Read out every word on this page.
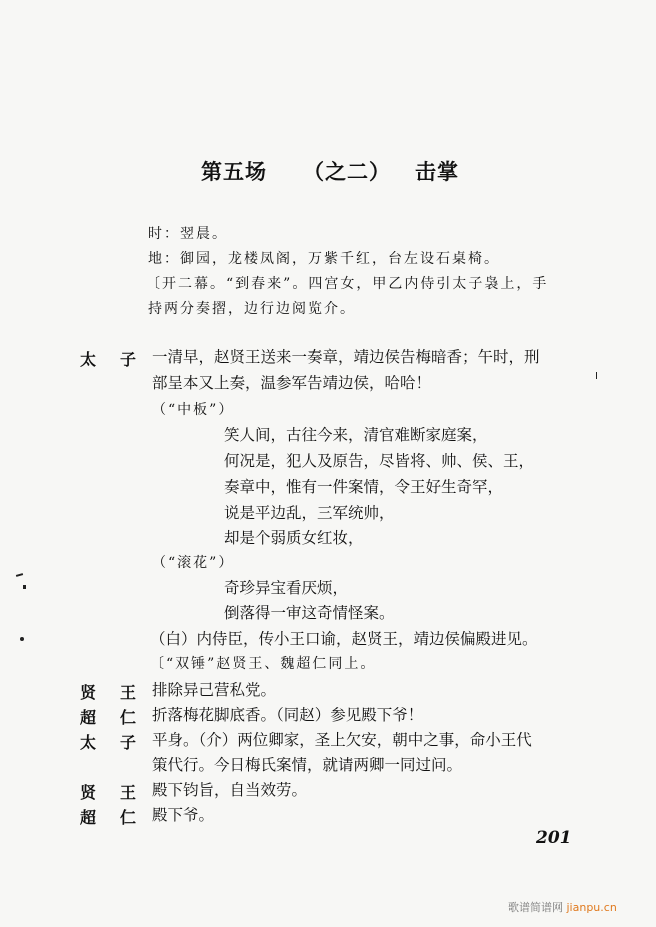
第五场 （之二） 击 掌
时：翌晨。
地：御园，龙楼凤阁，万紫千红，台左设石桌椅。
〔开二幕。“到春来”。四宫女，甲乙内侍引太子袅上，手
持两分奏摺，边行边阅览介。
太 子 一清早，赵贤王送来一奏章，靖边侯告梅暗香；午时，刑
部呈本又上奏，温参军告靖边侯，哈哈！
（“中板”）
笑人间，古往今来，清官难断家庭案，
何况是，犯人及原告，尽皆将、帅、侯、王，
奏章中，惟有一件案情，令王好生奇罕，
说是平边乱，三军统帅，
却是个弱质女红妆，
（“滚花”）
奇珍异宝看厌烦，
倒落得一审这奇情怪案。
（白）内侍臣，传小王口谕，赵贤王，靖边侯偏殿进见。
〔“双锤”赵贤王、魏超仁同上。
贤 王 排除异己营私党。
超 仁 折落梅花脚底香。（同赵）参见殿下爷！
太 子 平身。（介）两位卿家，圣上欠安，朝中之事，命小王代
策代行。今日梅氏案情，就请两卿一同过问。
贤 王 殿下钧旨，自当效劳。
超 仁 殿下爷。
201
歌谱简谱网 jianpu.cn
